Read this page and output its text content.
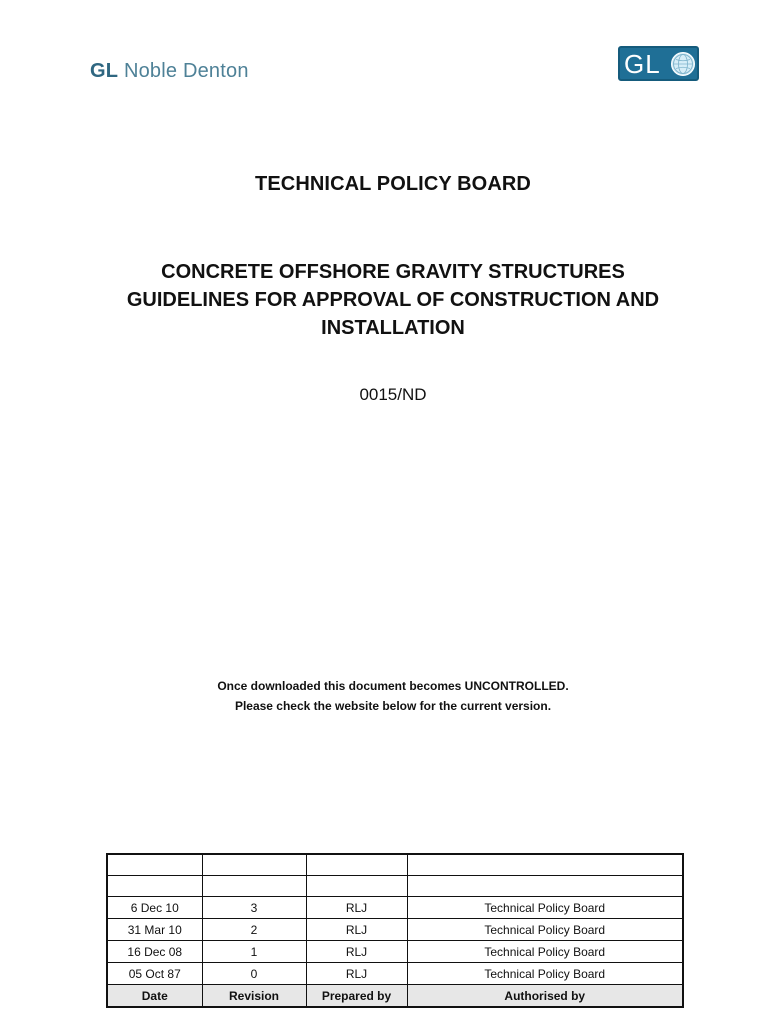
GL Noble Denton	GL
TECHNICAL POLICY BOARD
CONCRETE OFFSHORE GRAVITY STRUCTURES
GUIDELINES FOR APPROVAL OF CONSTRUCTION AND
INSTALLATION
0015/ND
Once downloaded this document becomes UNCONTROLLED.
Please check the website below for the current version.

6 Dec 10	3	RLJ	Technical Policy Board
31 Mar 10	2	RLJ	Technical Policy Board
16 Dec 08	1	RLJ	Technical Policy Board
05 Oct 87	0	RLJ	Technical Policy Board
Date	Revision	Prepared by	Authorised by
